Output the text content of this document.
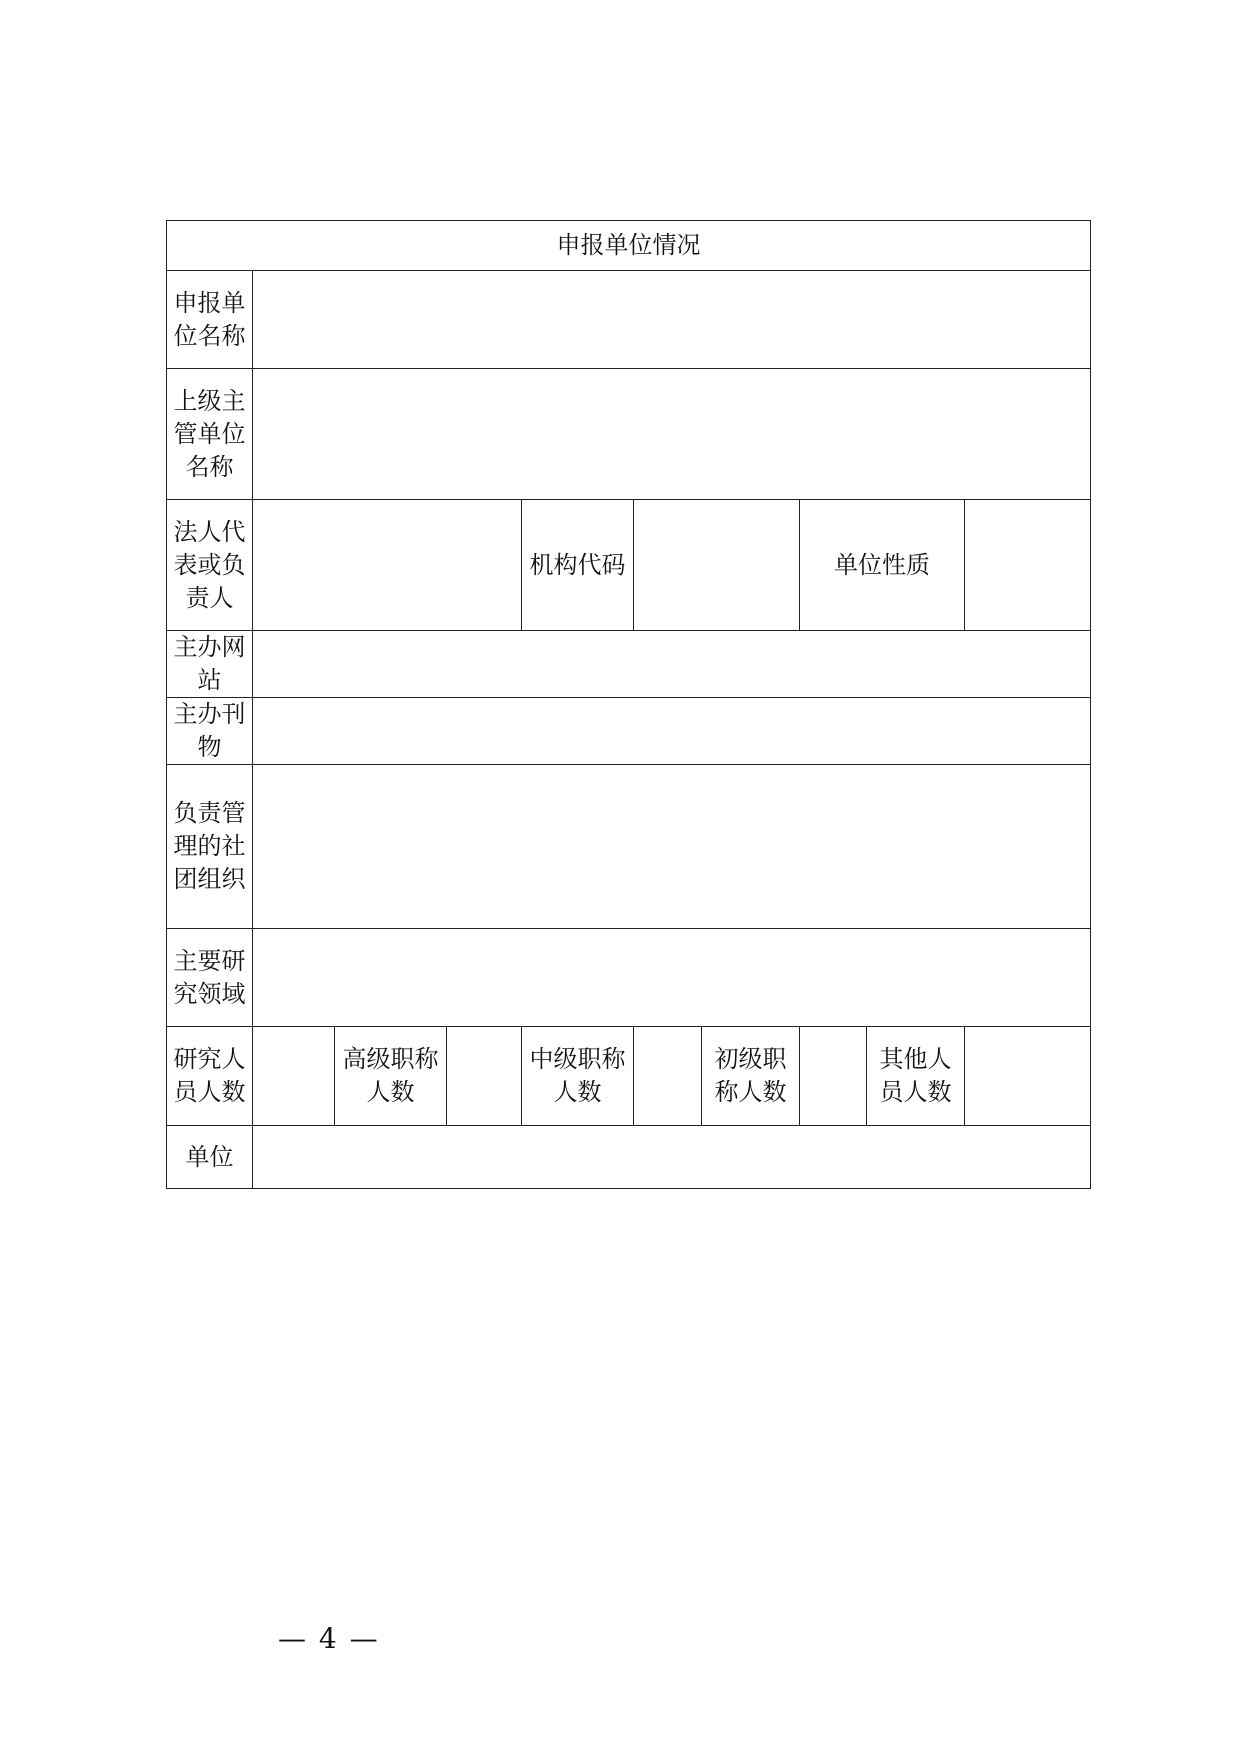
申报单位情况									
申报单位名称									
上级主管单位名称									
法人代表或负责人				机构代码			单位性质		
主办网站									
主办刊物									
负责管理的社团组织									
主要研究领域									
研究人员人数		高级职称人数		中级职称人数		初级职称人数		其他人员人数	
单位									
— 4 —
